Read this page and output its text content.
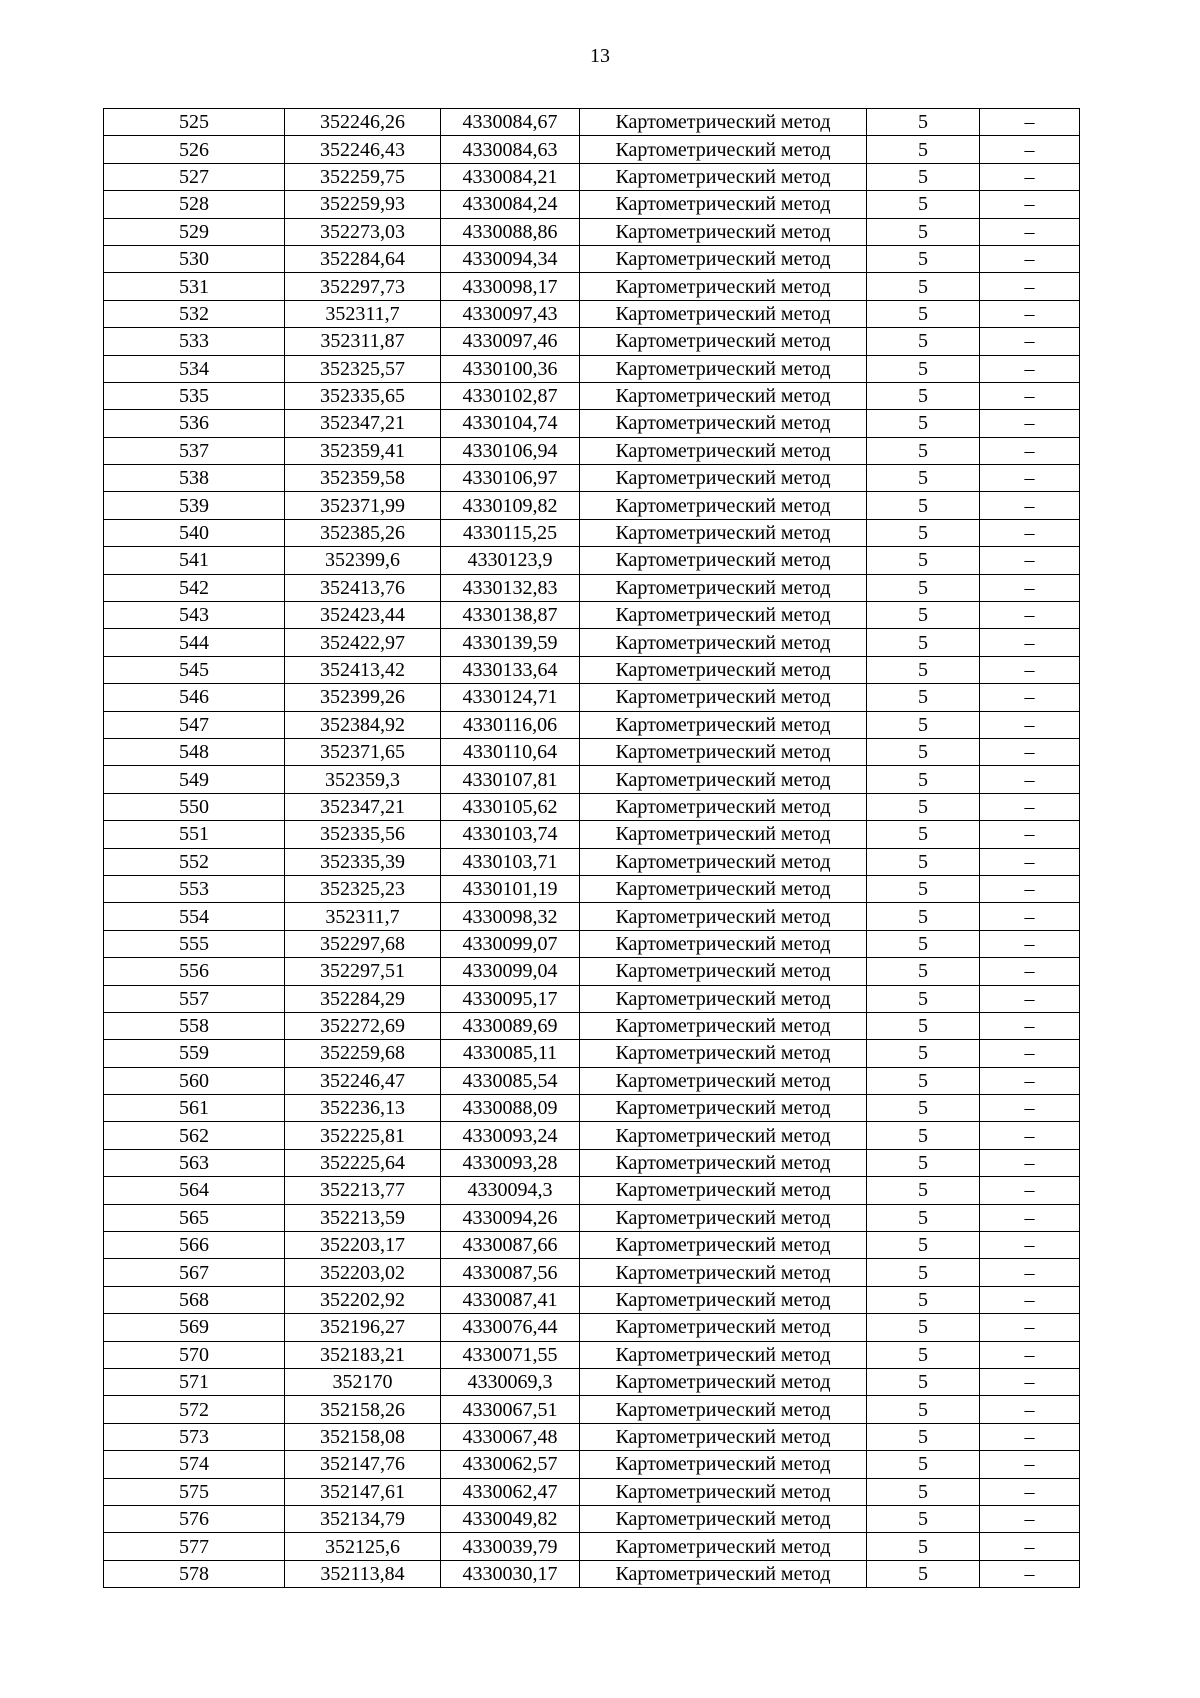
13
525	352246,26	4330084,67	Картометрический метод	5	–
526	352246,43	4330084,63	Картометрический метод	5	–
527	352259,75	4330084,21	Картометрический метод	5	–
528	352259,93	4330084,24	Картометрический метод	5	–
529	352273,03	4330088,86	Картометрический метод	5	–
530	352284,64	4330094,34	Картометрический метод	5	–
531	352297,73	4330098,17	Картометрический метод	5	–
532	352311,7	4330097,43	Картометрический метод	5	–
533	352311,87	4330097,46	Картометрический метод	5	–
534	352325,57	4330100,36	Картометрический метод	5	–
535	352335,65	4330102,87	Картометрический метод	5	–
536	352347,21	4330104,74	Картометрический метод	5	–
537	352359,41	4330106,94	Картометрический метод	5	–
538	352359,58	4330106,97	Картометрический метод	5	–
539	352371,99	4330109,82	Картометрический метод	5	–
540	352385,26	4330115,25	Картометрический метод	5	–
541	352399,6	4330123,9	Картометрический метод	5	–
542	352413,76	4330132,83	Картометрический метод	5	–
543	352423,44	4330138,87	Картометрический метод	5	–
544	352422,97	4330139,59	Картометрический метод	5	–
545	352413,42	4330133,64	Картометрический метод	5	–
546	352399,26	4330124,71	Картометрический метод	5	–
547	352384,92	4330116,06	Картометрический метод	5	–
548	352371,65	4330110,64	Картометрический метод	5	–
549	352359,3	4330107,81	Картометрический метод	5	–
550	352347,21	4330105,62	Картометрический метод	5	–
551	352335,56	4330103,74	Картометрический метод	5	–
552	352335,39	4330103,71	Картометрический метод	5	–
553	352325,23	4330101,19	Картометрический метод	5	–
554	352311,7	4330098,32	Картометрический метод	5	–
555	352297,68	4330099,07	Картометрический метод	5	–
556	352297,51	4330099,04	Картометрический метод	5	–
557	352284,29	4330095,17	Картометрический метод	5	–
558	352272,69	4330089,69	Картометрический метод	5	–
559	352259,68	4330085,11	Картометрический метод	5	–
560	352246,47	4330085,54	Картометрический метод	5	–
561	352236,13	4330088,09	Картометрический метод	5	–
562	352225,81	4330093,24	Картометрический метод	5	–
563	352225,64	4330093,28	Картометрический метод	5	–
564	352213,77	4330094,3	Картометрический метод	5	–
565	352213,59	4330094,26	Картометрический метод	5	–
566	352203,17	4330087,66	Картометрический метод	5	–
567	352203,02	4330087,56	Картометрический метод	5	–
568	352202,92	4330087,41	Картометрический метод	5	–
569	352196,27	4330076,44	Картометрический метод	5	–
570	352183,21	4330071,55	Картометрический метод	5	–
571	352170	4330069,3	Картометрический метод	5	–
572	352158,26	4330067,51	Картометрический метод	5	–
573	352158,08	4330067,48	Картометрический метод	5	–
574	352147,76	4330062,57	Картометрический метод	5	–
575	352147,61	4330062,47	Картометрический метод	5	–
576	352134,79	4330049,82	Картометрический метод	5	–
577	352125,6	4330039,79	Картометрический метод	5	–
578	352113,84	4330030,17	Картометрический метод	5	–
